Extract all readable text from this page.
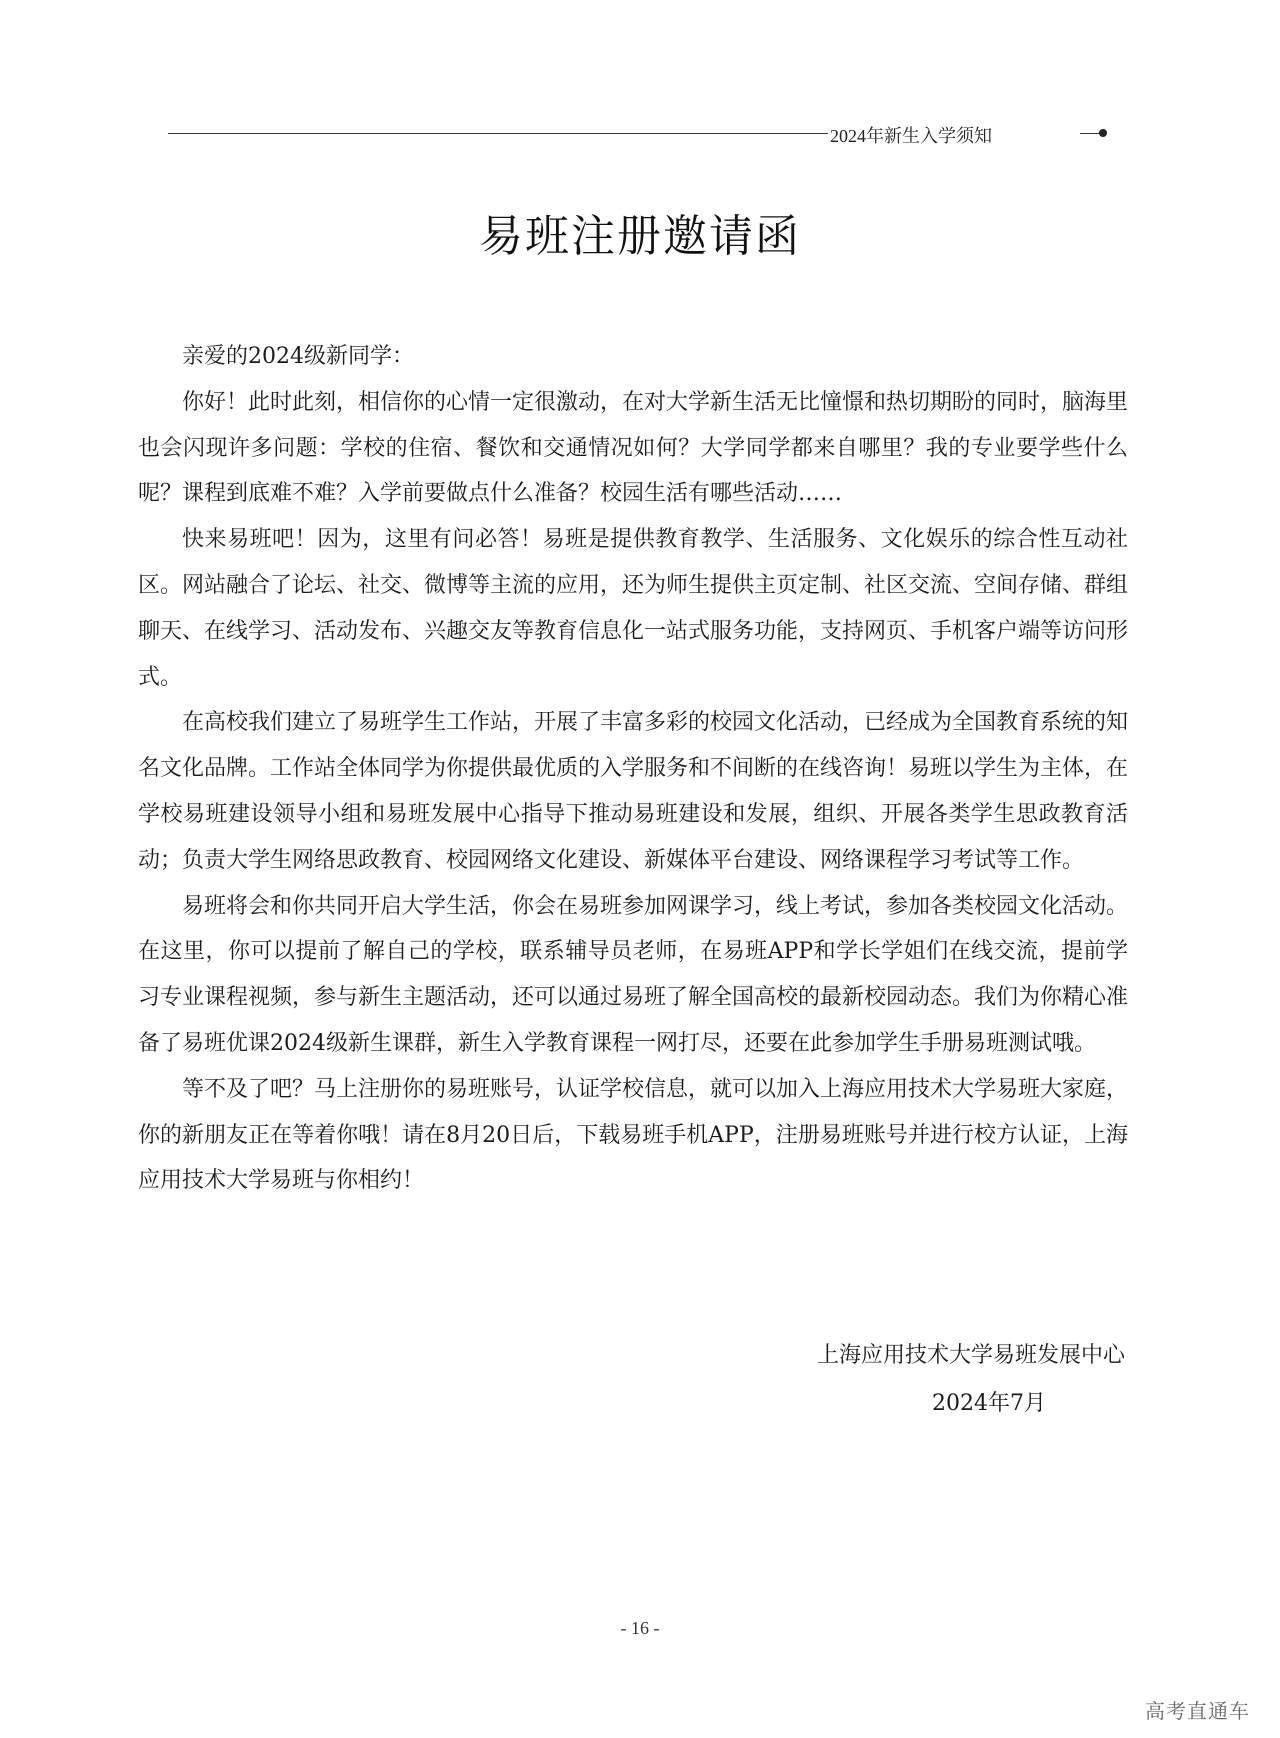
2024年新生入学须知
易班注册邀请函

亲爱的2024级新同学：

你好！此时此刻，相信你的心情一定很激动，在对大学新生活无比憧憬和热切期盼的同时，脑海里也会闪现许多问题：学校的住宿、餐饮和交通情况如何？大学同学都来自哪里？我的专业要学些什么呢？课程到底难不难？入学前要做点什么准备？校园生活有哪些活动……

快来易班吧！因为，这里有问必答！易班是提供教育教学、生活服务、文化娱乐的综合性互动社区。网站融合了论坛、社交、微博等主流的应用，还为师生提供主页定制、社区交流、空间存储、群组聊天、在线学习、活动发布、兴趣交友等教育信息化一站式服务功能，支持网页、手机客户端等访问形式。

在高校我们建立了易班学生工作站，开展了丰富多彩的校园文化活动，已经成为全国教育系统的知名文化品牌。工作站全体同学为你提供最优质的入学服务和不间断的在线咨询！易班以学生为主体，在学校易班建设领导小组和易班发展中心指导下推动易班建设和发展，组织、开展各类学生思政教育活动；负责大学生网络思政教育、校园网络文化建设、新媒体平台建设、网络课程学习考试等工作。

易班将会和你共同开启大学生活，你会在易班参加网课学习，线上考试，参加各类校园文化活动。在这里，你可以提前了解自己的学校，联系辅导员老师，在易班APP和学长学姐们在线交流，提前学习专业课程视频，参与新生主题活动，还可以通过易班了解全国高校的最新校园动态。我们为你精心准备了易班优课2024级新生课群，新生入学教育课程一网打尽，还要在此参加学生手册易班测试哦。

等不及了吧？马上注册你的易班账号，认证学校信息，就可以加入上海应用技术大学易班大家庭，你的新朋友正在等着你哦！请在8月20日后，下载易班手机APP，注册易班账号并进行校方认证，上海应用技术大学易班与你相约！

上海应用技术大学易班发展中心
2024年7月
- 16 -
高考直通车
